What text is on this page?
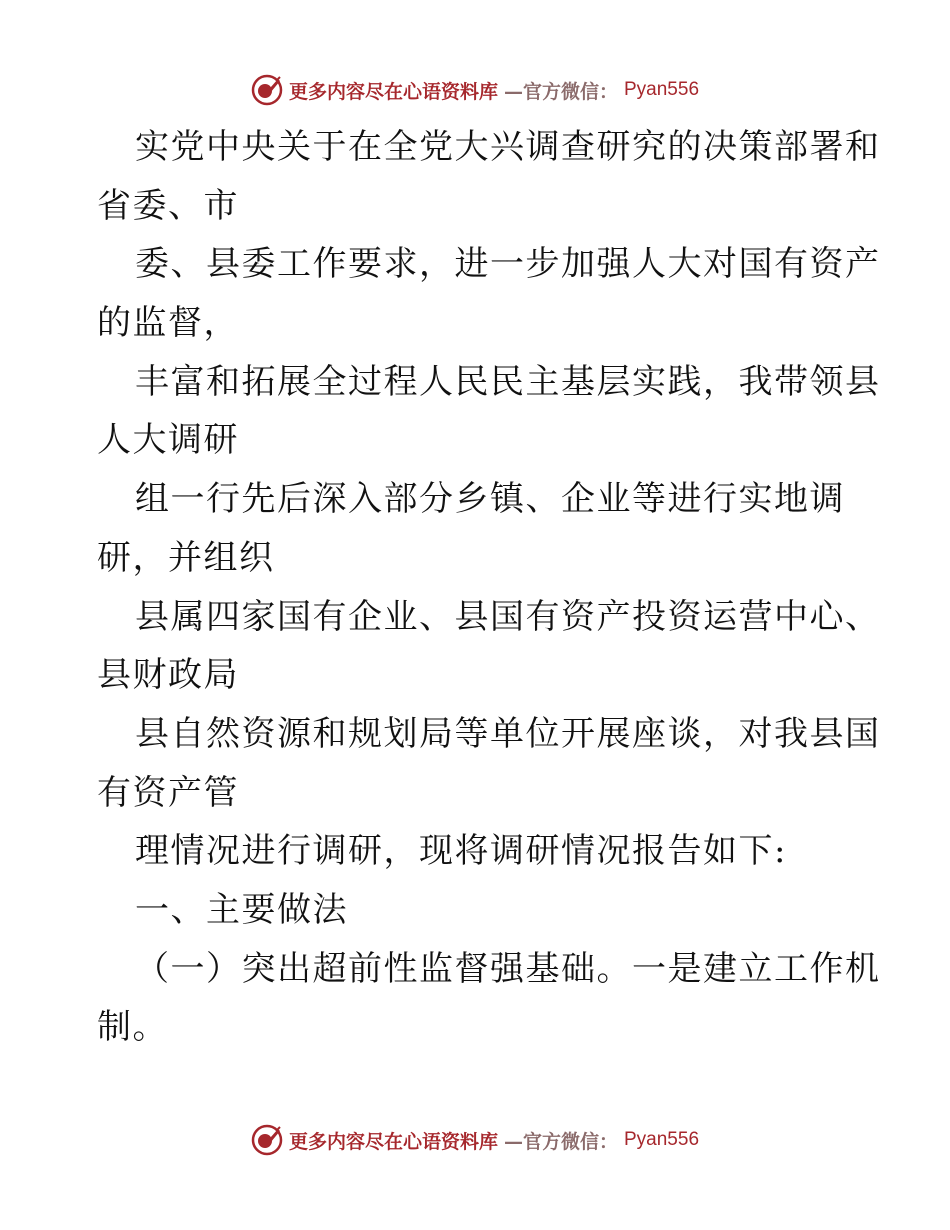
更多内容尽在心语资料库 —官方微信： Pyan556
实党中央关于在全党大兴调查研究的决策部署和
省委、市
委、县委工作要求，进一步加强人大对国有资产
的监督，
丰富和拓展全过程人民民主基层实践，我带领县
人大调研
组一行先后深入部分乡镇、企业等进行实地调
研，并组织
县属四家国有企业、县国有资产投资运营中心、
县财政局
县自然资源和规划局等单位开展座谈，对我县国
有资产管
理情况进行调研，现将调研情况报告如下:
一、主要做法
（一）突出超前性监督强基础。一是建立工作机
制。
更多内容尽在心语资料库 —官方微信： Pyan556
